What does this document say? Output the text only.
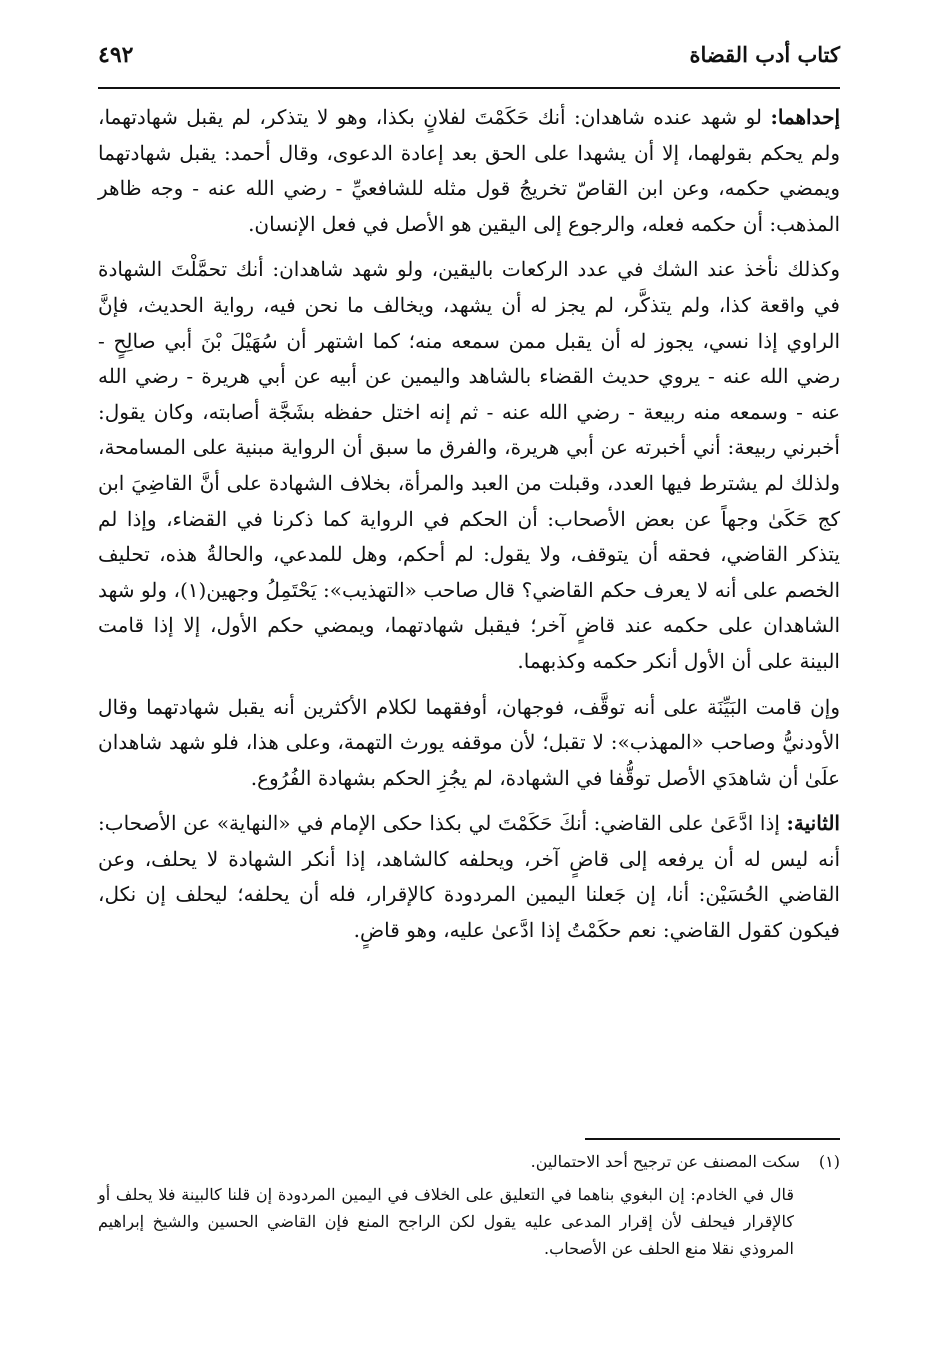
كتاب أدب القضاة
٤٩٢

إحداهما: لو شهد عنده شاهدان: أنك حَكَمْتَ لفلانٍ بكذا، وهو لا يتذكر، لم يقبل شهادتهما، ولم يحكم بقولهما، إلا أن يشهدا على الحق بعد إعادة الدعوى، وقال أحمد: يقبل شهادتهما ويمضي حكمه، وعن ابن القاصّ تخريجُ قول مثله للشافعيِّ - رضي الله عنه - وجه ظاهر المذهب: أن حكمه فعله، والرجوع إلى اليقين هو الأصل في فعل الإنسان.

وكذلك نأخذ عند الشك في عدد الركعات باليقين، ولو شهد شاهدان: أنك تحمَّلْتَ الشهادة في واقعة كذا، ولم يتذكَّر، لم يجز له أن يشهد، ويخالف ما نحن فيه، رواية الحديث، فإنَّ الراوي إذا نسي، يجوز له أن يقبل ممن سمعه منه؛ كما اشتهر أن سُهَيْلَ بْنَ أبي صالِحٍ - رضي الله عنه - يروي حديث القضاء بالشاهد واليمين عن أبيه عن أبي هريرة - رضي الله عنه - وسمعه منه ربيعة - رضي الله عنه - ثم إنه اختل حفظه بشَجَّة أصابته، وكان يقول: أخبرني ربيعة: أني أخبرته عن أبي هريرة، والفرق ما سبق أن الرواية مبنية على المسامحة، ولذلك لم يشترط فيها العدد، وقبلت من العبد والمرأة، بخلاف الشهادة على أنَّ القاضِيَ ابن كج حَكَىٰ وجهاً عن بعض الأصحاب: أن الحكم في الرواية كما ذكرنا في القضاء، وإذا لم يتذكر القاضي، فحقه أن يتوقف، ولا يقول: لم أحكم، وهل للمدعي، والحالةُ هذه، تحليف الخصم على أنه لا يعرف حكم القاضي؟ قال صاحب «التهذيب»: يَحْتَمِلُ وجهين(١)، ولو شهد الشاهدان على حكمه عند قاضٍ آخر؛ فيقبل شهادتهما، ويمضي حكم الأول، إلا إذا قامت البينة على أن الأول أنكر حكمه وكذبهما.

وإن قامت البَيِّنَة على أنه توقَّف، فوجهان، أوفقهما لكلام الأكثرين أنه يقبل شهادتهما وقال الأودنيُّ وصاحب «المهذب»: لا تقبل؛ لأن موقفه يورث التهمة، وعلى هذا، فلو شهد شاهدان علَىٰ أن شاهدَي الأصل توقُّفا في الشهادة، لم يجُزِ الحكم بشهادة الفُرُوع.

الثانية: إذا ادَّعَىٰ على القاضي: أنكَ حَكَمْتَ لي بكذا حكى الإمام في «النهاية» عن الأصحاب: أنه ليس له أن يرفعه إلى قاضٍ آخر، ويحلفه كالشاهد، إذا أنكر الشهادة لا يحلف، وعن القاضي الحُسَيْن: أنا، إن جَعلنا اليمين المردودة كالإقرار، فله أن يحلفه؛ ليحلف إن نكل، فيكون كقول القاضي: نعم حكَمْتُ إذا ادَّعىٰ عليه، وهو قاضٍ.

(١)سكت المصنف عن ترجيح أحد الاحتمالين.

قال في الخادم: إن البغوي بناهما في التعليق على الخلاف في اليمين المردودة إن قلنا كالبينة فلا يحلف أو كالإقرار فيحلف لأن إقرار المدعى عليه يقول لكن الراجح المنع فإن القاضي الحسين والشيخ إبراهيم المروذي نقلا منع الحلف عن الأصحاب.
